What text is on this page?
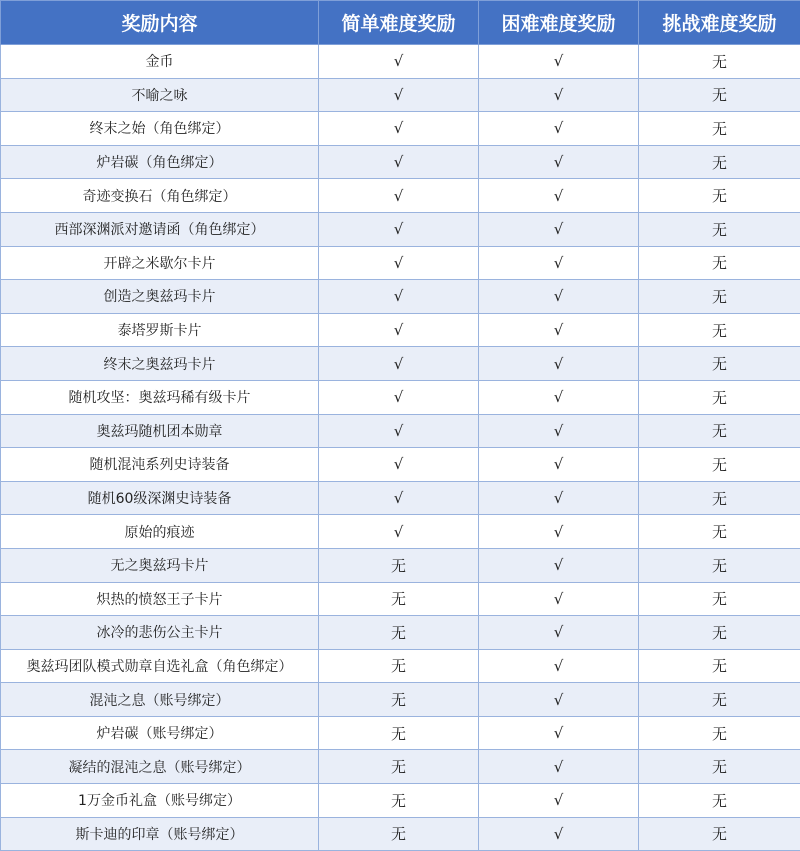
奖励内容	简单难度奖励	困难难度奖励	挑战难度奖励
金币	√	√	无
不喻之咏	√	√	无
终末之始（角色绑定）	√	√	无
炉岩碳（角色绑定）	√	√	无
奇迹变换石（角色绑定）	√	√	无
西部深渊派对邀请函（角色绑定）	√	√	无
开辟之米歇尔卡片	√	√	无
创造之奥兹玛卡片	√	√	无
泰塔罗斯卡片	√	√	无
终末之奥兹玛卡片	√	√	无
随机攻坚：奥兹玛稀有级卡片	√	√	无
奥兹玛随机团本勋章	√	√	无
随机混沌系列史诗装备	√	√	无
随机60级深渊史诗装备	√	√	无
原始的痕迹	√	√	无
无之奥兹玛卡片	无	√	无
炽热的愤怒王子卡片	无	√	无
冰冷的悲伤公主卡片	无	√	无
奥兹玛团队模式勋章自选礼盒（角色绑定）	无	√	无
混沌之息（账号绑定）	无	√	无
炉岩碳（账号绑定）	无	√	无
凝结的混沌之息（账号绑定）	无	√	无
1万金币礼盒（账号绑定）	无	√	无
斯卡迪的印章（账号绑定）	无	√	无
